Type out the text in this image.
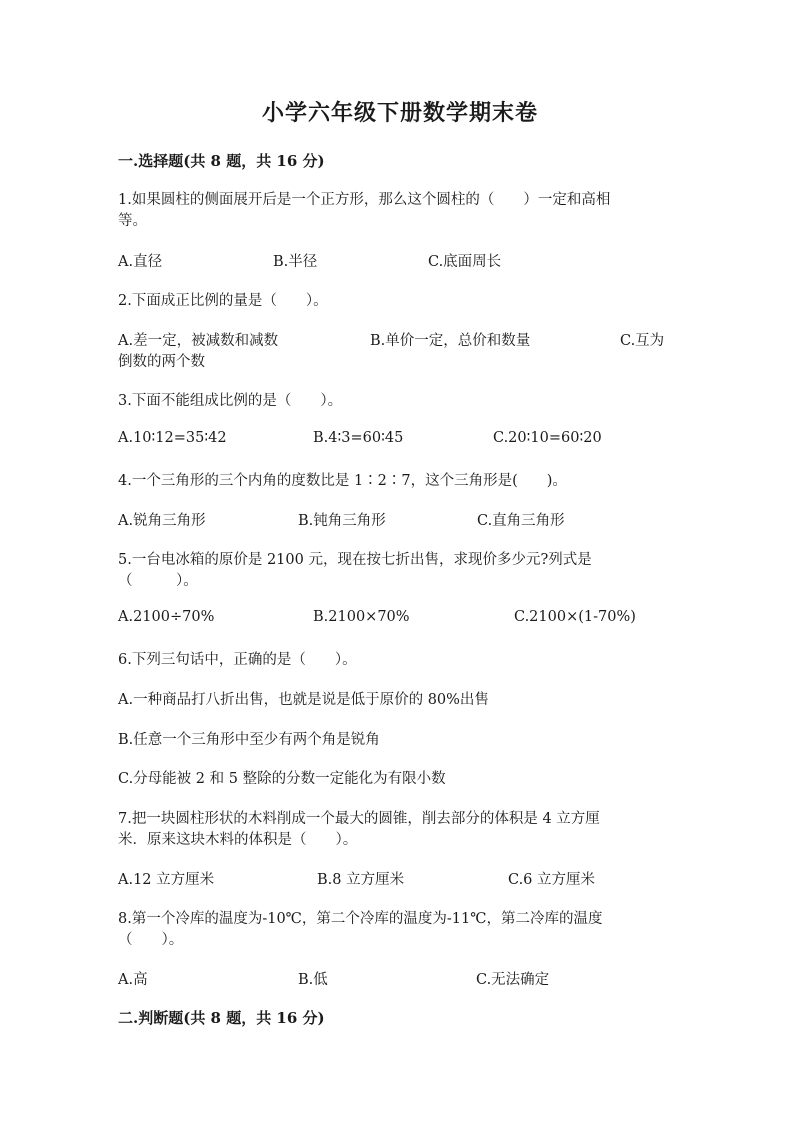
小学六年级下册数学期末卷
一.选择题(共 8 题，共 16 分)
1.如果圆柱的侧面展开后是一个正方形，那么这个圆柱的（　　）一定和高相
等。
A.直径	B.半径	C.底面周长
2.下面成正比例的量是（　　）。
A.差一定，被减数和减数	B.单价一定，总价和数量	C.互为
倒数的两个数
3.下面不能组成比例的是（　　）。
A.10∶12=35∶42	B.4∶3=60∶45	C.20∶10=60∶20
4.一个三角形的三个内角的度数比是 1∶2∶7，这个三角形是(　　)。
A.锐角三角形	B.钝角三角形	C.直角三角形
5.一台电冰箱的原价是 2100 元，现在按七折出售，求现价多少元?列式是
（　　　）。
A.2100÷70%	B.2100×70%	C.2100×(1-70%)
6.下列三句话中，正确的是（　　）。
A.一种商品打八折出售，也就是说是低于原价的 80%出售
B.任意一个三角形中至少有两个角是锐角
C.分母能被 2 和 5 整除的分数一定能化为有限小数
7.把一块圆柱形状的木料削成一个最大的圆锥，削去部分的体积是 4 立方厘
米．原来这块木料的体积是（　　）。
A.12 立方厘米	B.8 立方厘米	C.6 立方厘米
8.第一个冷库的温度为-10℃，第二个冷库的温度为-11℃，第二冷库的温度
（　　）。
A.高	B.低	C.无法确定
二.判断题(共 8 题，共 16 分)
